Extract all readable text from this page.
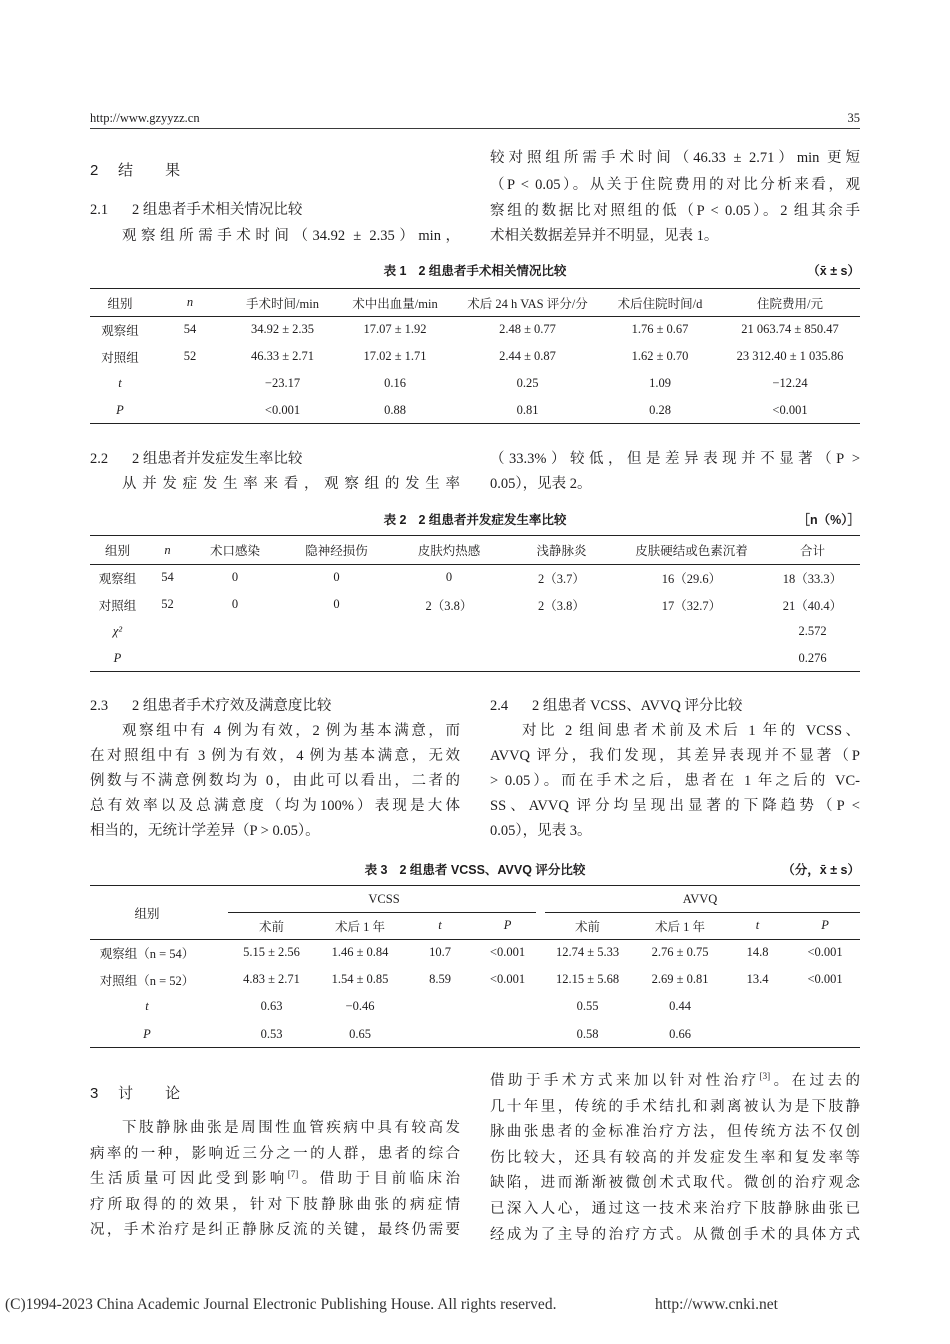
http://www.gzyyzz.cn	35
2 结 果
2.1 2 组患者手术相关情况比较
观察组所需手术时间（34.92 ± 2.35）min，
较对照组所需手术时间（46.33 ± 2.71）min 更短
（P < 0.05）。从关于住院费用的对比分析来看，观
察组的数据比对照组的低（P < 0.05）。2 组其余手
术相关数据差异并不明显，见表 1。
表 1 2 组患者手术相关情况比较	（x̄ ± s）
组别	n	手术时间/min	术中出血量/min	术后 24 h VAS 评分/分	术后住院时间/d	住院费用/元
观察组	54	34.92 ± 2.35	17.07 ± 1.92	2.48 ± 0.77	1.76 ± 0.67	21 063.74 ± 850.47
对照组	52	46.33 ± 2.71	17.02 ± 1.71	2.44 ± 0.87	1.62 ± 0.70	23 312.40 ± 1 035.86
t		−23.17	0.16	0.25	1.09	−12.24
P		<0.001	0.88	0.81	0.28	<0.001
2.2 2 组患者并发症发生率比较
从并发症发生率来看，观察组的发生率
（33.3%）较低，但是差异表现并不显著（P >
0.05），见表 2。
表 2 2 组患者并发症发生率比较	［n（%）］
组别	n	术口感染	隐神经损伤	皮肤灼热感	浅静脉炎	皮肤硬结或色素沉着	合计
观察组	54	0	0	0	2（3.7）	16（29.6）	18（33.3）
对照组	52	0	0	2（3.8）	2（3.8）	17（32.7）	21（40.4）
χ²							2.572
P							0.276
2.3 2 组患者手术疗效及满意度比较
观察组中有 4 例为有效，2 例为基本满意，而
在对照组中有 3 例为有效，4 例为基本满意，无效
例数与不满意例数均为 0，由此可以看出，二者的
总有效率以及总满意度（均为100%）表现是大体
相当的，无统计学差异（P > 0.05）。
2.4 2 组患者 VCSS、AVVQ 评分比较
对比 2 组间患者术前及术后 1 年的 VCSS、
AVVQ 评分，我们发现，其差异表现并不显著（P
> 0.05）。而在手术之后，患者在 1 年之后的 VC-
SS、AVVQ 评分均呈现出显著的下降趋势（P <
0.05），见表 3。
表 3 2 组患者 VCSS、AVVQ 评分比较	（分，x̄ ± s）
组别	VCSS				AVVQ			
	术前	术后 1 年	t	P	术前	术后 1 年	t	P
观察组（n = 54）	5.15 ± 2.56	1.46 ± 0.84	10.7	<0.001	12.74 ± 5.33	2.76 ± 0.75	14.8	<0.001
对照组（n = 52）	4.83 ± 2.71	1.54 ± 0.85	8.59	<0.001	12.15 ± 5.68	2.69 ± 0.81	13.4	<0.001
t	0.63	−0.46			0.55	0.44		
P	0.53	0.65			0.58	0.66		
3 讨 论
下肢静脉曲张是周围性血管疾病中具有较高发
病率的一种，影响近三分之一的人群，患者的综合
生活质量可因此受到影响[7]。借助于目前临床治
疗所取得的的效果，针对下肢静脉曲张的病症情
况，手术治疗是纠正静脉反流的关键，最终仍需要
借助于手术方式来加以针对性治疗[3]。在过去的
几十年里，传统的手术结扎和剥离被认为是下肢静
脉曲张患者的金标准治疗方法，但传统方法不仅创
伤比较大，还具有较高的并发症发生率和复发率等
缺陷，进而渐渐被微创术式取代。微创的治疗观念
已深入人心，通过这一技术来治疗下肢静脉曲张已
经成为了主导的治疗方式。从微创手术的具体方式
(C)1994-2023 China Academic Journal Electronic Publishing House. All rights reserved.	http://www.cnki.net
